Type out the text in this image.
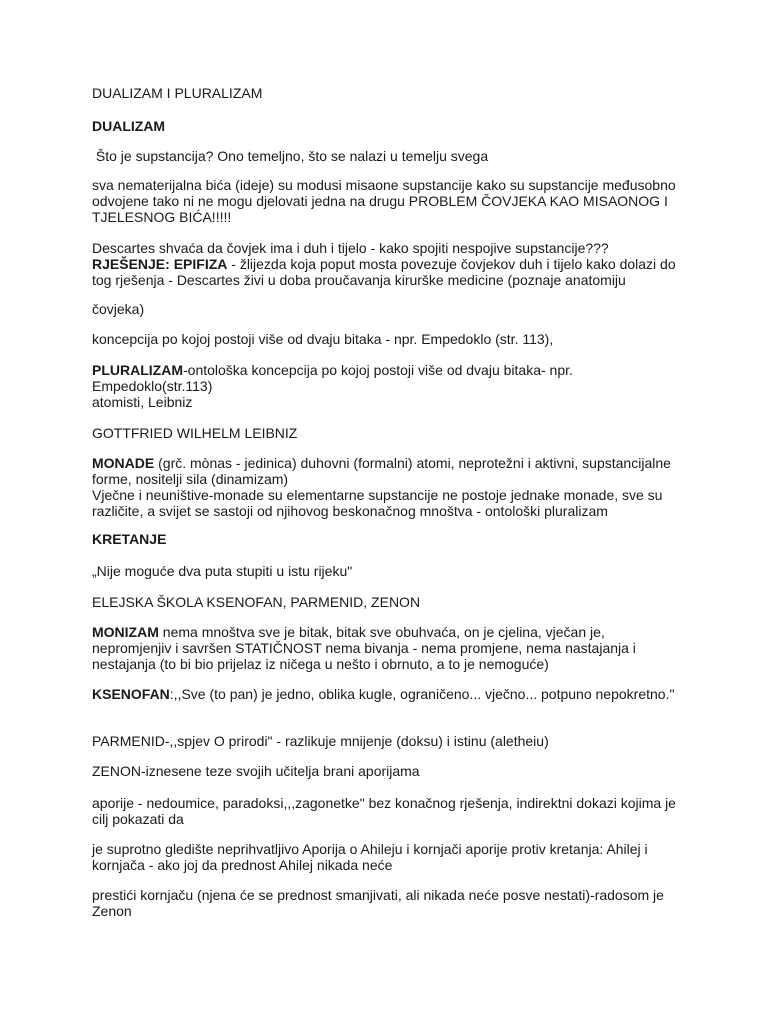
DUALIZAM I PLURALIZAM

DUALIZAM

Što je supstancija? Ono temeljno, što se nalazi u temelju svega

sva nematerijalna bića (ideje) su modusi misaone supstancije kako su supstancije međusobno odvojene tako ni ne mogu djelovati jedna na drugu PROBLEM ČOVJEKA KAO MISAONOG I TJELESNOG BIĆA!!!!!

Descartes shvaća da čovjek ima i duh i tijelo - kako spojiti nespojive supstancije???
RJEŠENJE: EPIFIZA - žlijezda koja poput mosta povezuje čovjekov duh i tijelo kako dolazi do tog rješenja - Descartes živi u doba proučavanja kirurške medicine (poznaje anatomiju

čovjeka)

koncepcija po kojoj postoji više od dvaju bitaka - npr. Empedoklo (str. 113),

PLURALIZAM-ontološka koncepcija po kojoj postoji više od dvaju bitaka- npr. Empedoklo(str.113)
atomisti, Leibniz

GOTTFRIED WILHELM LEIBNIZ

MONADE (grč. mònas - jedinica) duhovni (formalni) atomi, neprotežni i aktivni, supstancijalne forme, nositelji sila (dinamizam)
Vječne i neuništive-monade su elementarne supstancije ne postoje jednake monade, sve su različite, a svijet se sastoji od njihovog beskonačnog mnoštva - ontološki pluralizam

KRETANJE

„Nije moguće dva puta stupiti u istu rijeku"

ELEJSKA ŠKOLA KSENOFAN, PARMENID, ZENON

MONIZAM nema mnoštva sve je bitak, bitak sve obuhvaća, on je cjelina, vječan je, nepromjenjiv i savršen STATIČNOST nema bivanja - nema promjene, nema nastajanja i nestajanja (to bi bio prijelaz iz ničega u nešto i obrnuto, a to je nemoguće)

KSENOFAN:,,Sve (to pan) je jedno, oblika kugle, ograničeno... vječno... potpuno nepokretno."

PARMENID-,,spjev O prirodi" - razlikuje mnijenje (doksu) i istinu (aletheiu)

ZENON-iznesene teze svojih učitelja brani aporijama

aporije - nedoumice, paradoksi,,,zagonetke" bez konačnog rješenja, indirektni dokazi kojima je cilj pokazati da

je suprotno gledište neprihvatljivo Aporija o Ahileju i kornjači aporije protiv kretanja: Ahilej i kornjača - ako joj da prednost Ahilej nikada neće

prestići kornjaču (njena će se prednost smanjivati, ali nikada neće posve nestati)-radosom je Zenon
